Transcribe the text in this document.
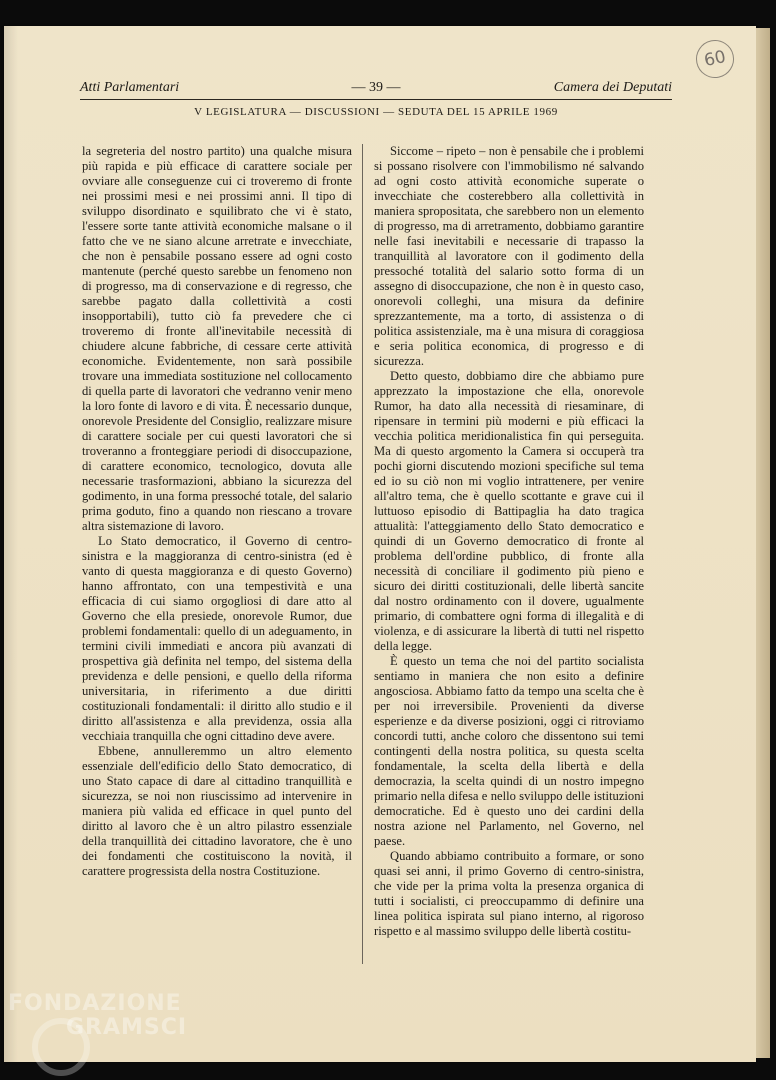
60
Atti Parlamentari	— 39 —	Camera dei Deputati
V LEGISLATURA — DISCUSSIONI — SEDUTA DEL 15 APRILE 1969

la segreteria del nostro partito) una qualche misura più rapida e più efficace di carattere sociale per ovviare alle conseguenze cui ci troveremo di fronte nei prossimi mesi e nei prossimi anni. Il tipo di sviluppo disordinato e squilibrato che vi è stato, l'essere sorte tante attività economiche malsane o il fatto che ve ne siano alcune arretrate e invecchiate, che non è pensabile possano essere ad ogni costo mantenute (perché questo sarebbe un fenomeno non di progresso, ma di conservazione e di regresso, che sarebbe pagato dalla collettività a costi insopportabili), tutto ciò fa prevedere che ci troveremo di fronte all'inevitabile necessità di chiudere alcune fabbriche, di cessare certe attività economiche. Evidentemente, non sarà possibile trovare una immediata sostituzione nel collocamento di quella parte di lavoratori che vedranno venir meno la loro fonte di lavoro e di vita. È necessario dunque, onorevole Presidente del Consiglio, realizzare misure di carattere sociale per cui questi lavoratori che si troveranno a fronteggiare periodi di disoccupazione, di carattere economico, tecnologico, dovuta alle necessarie trasformazioni, abbiano la sicurezza del godimento, in una forma pressoché totale, del salario prima goduto, fino a quando non riescano a trovare altra sistemazione di lavoro.

Lo Stato democratico, il Governo di centro-sinistra e la maggioranza di centro-sinistra (ed è vanto di questa maggioranza e di questo Governo) hanno affrontato, con una tempestività e una efficacia di cui siamo orgogliosi di dare atto al Governo che ella presiede, onorevole Rumor, due problemi fondamentali: quello di un adeguamento, in termini civili immediati e ancora più avanzati di prospettiva già definita nel tempo, del sistema della previdenza e delle pensioni, e quello della riforma universitaria, in riferimento a due diritti costituzionali fondamentali: il diritto allo studio e il diritto all'assistenza e alla previdenza, ossia alla vecchiaia tranquilla che ogni cittadino deve avere.

Ebbene, annulleremmo un altro elemento essenziale dell'edificio dello Stato democratico, di uno Stato capace di dare al cittadino tranquillità e sicurezza, se noi non riuscissimo ad intervenire in maniera più valida ed efficace in quel punto del diritto al lavoro che è un altro pilastro essenziale della tranquillità dei cittadino lavoratore, che è uno dei fondamenti che costituiscono la novità, il carattere progressista della nostra Costituzione.

Siccome – ripeto – non è pensabile che i problemi si possano risolvere con l'immobilismo né salvando ad ogni costo attività economiche superate o invecchiate che costerebbero alla collettività in maniera spropositata, che sarebbero non un elemento di progresso, ma di arretramento, dobbiamo garantire nelle fasi inevitabili e necessarie di trapasso la tranquillità al lavoratore con il godimento della pressoché totalità del salario sotto forma di un assegno di disoccupazione, che non è in questo caso, onorevoli colleghi, una misura da definire sprezzantemente, ma a torto, di assistenza o di politica assistenziale, ma è una misura di coraggiosa e seria politica economica, di progresso e di sicurezza.

Detto questo, dobbiamo dire che abbiamo pure apprezzato la impostazione che ella, onorevole Rumor, ha dato alla necessità di riesaminare, di ripensare in termini più moderni e più efficaci la vecchia politica meridionalistica fin qui perseguita. Ma di questo argomento la Camera si occuperà tra pochi giorni discutendo mozioni specifiche sul tema ed io su ciò non mi voglio intrattenere, per venire all'altro tema, che è quello scottante e grave cui il luttuoso episodio di Battipaglia ha dato tragica attualità: l'atteggiamento dello Stato democratico e quindi di un Governo democratico di fronte al problema dell'ordine pubblico, di fronte alla necessità di conciliare il godimento più pieno e sicuro dei diritti costituzionali, delle libertà sancite dal nostro ordinamento con il dovere, ugualmente primario, di combattere ogni forma di illegalità e di violenza, e di assicurare la libertà di tutti nel rispetto della legge.

È questo un tema che noi del partito socialista sentiamo in maniera che non esito a definire angosciosa. Abbiamo fatto da tempo una scelta che è per noi irreversibile. Provenienti da diverse esperienze e da diverse posizioni, oggi ci ritroviamo concordi tutti, anche coloro che dissentono sui temi contingenti della nostra politica, su questa scelta fondamentale, la scelta della libertà e della democrazia, la scelta quindi di un nostro impegno primario nella difesa e nello sviluppo delle istituzioni democratiche. Ed è questo uno dei cardini della nostra azione nel Parlamento, nel Governo, nel paese.

Quando abbiamo contribuito a formare, or sono quasi sei anni, il primo Governo di centro-sinistra, che vide per la prima volta la presenza organica di tutti i socialisti, ci preoccupammo di definire una linea politica ispirata sul piano interno, al rigoroso rispetto e al massimo sviluppo delle libertà costitu-

FONDAZIONE
GRAMSCI
